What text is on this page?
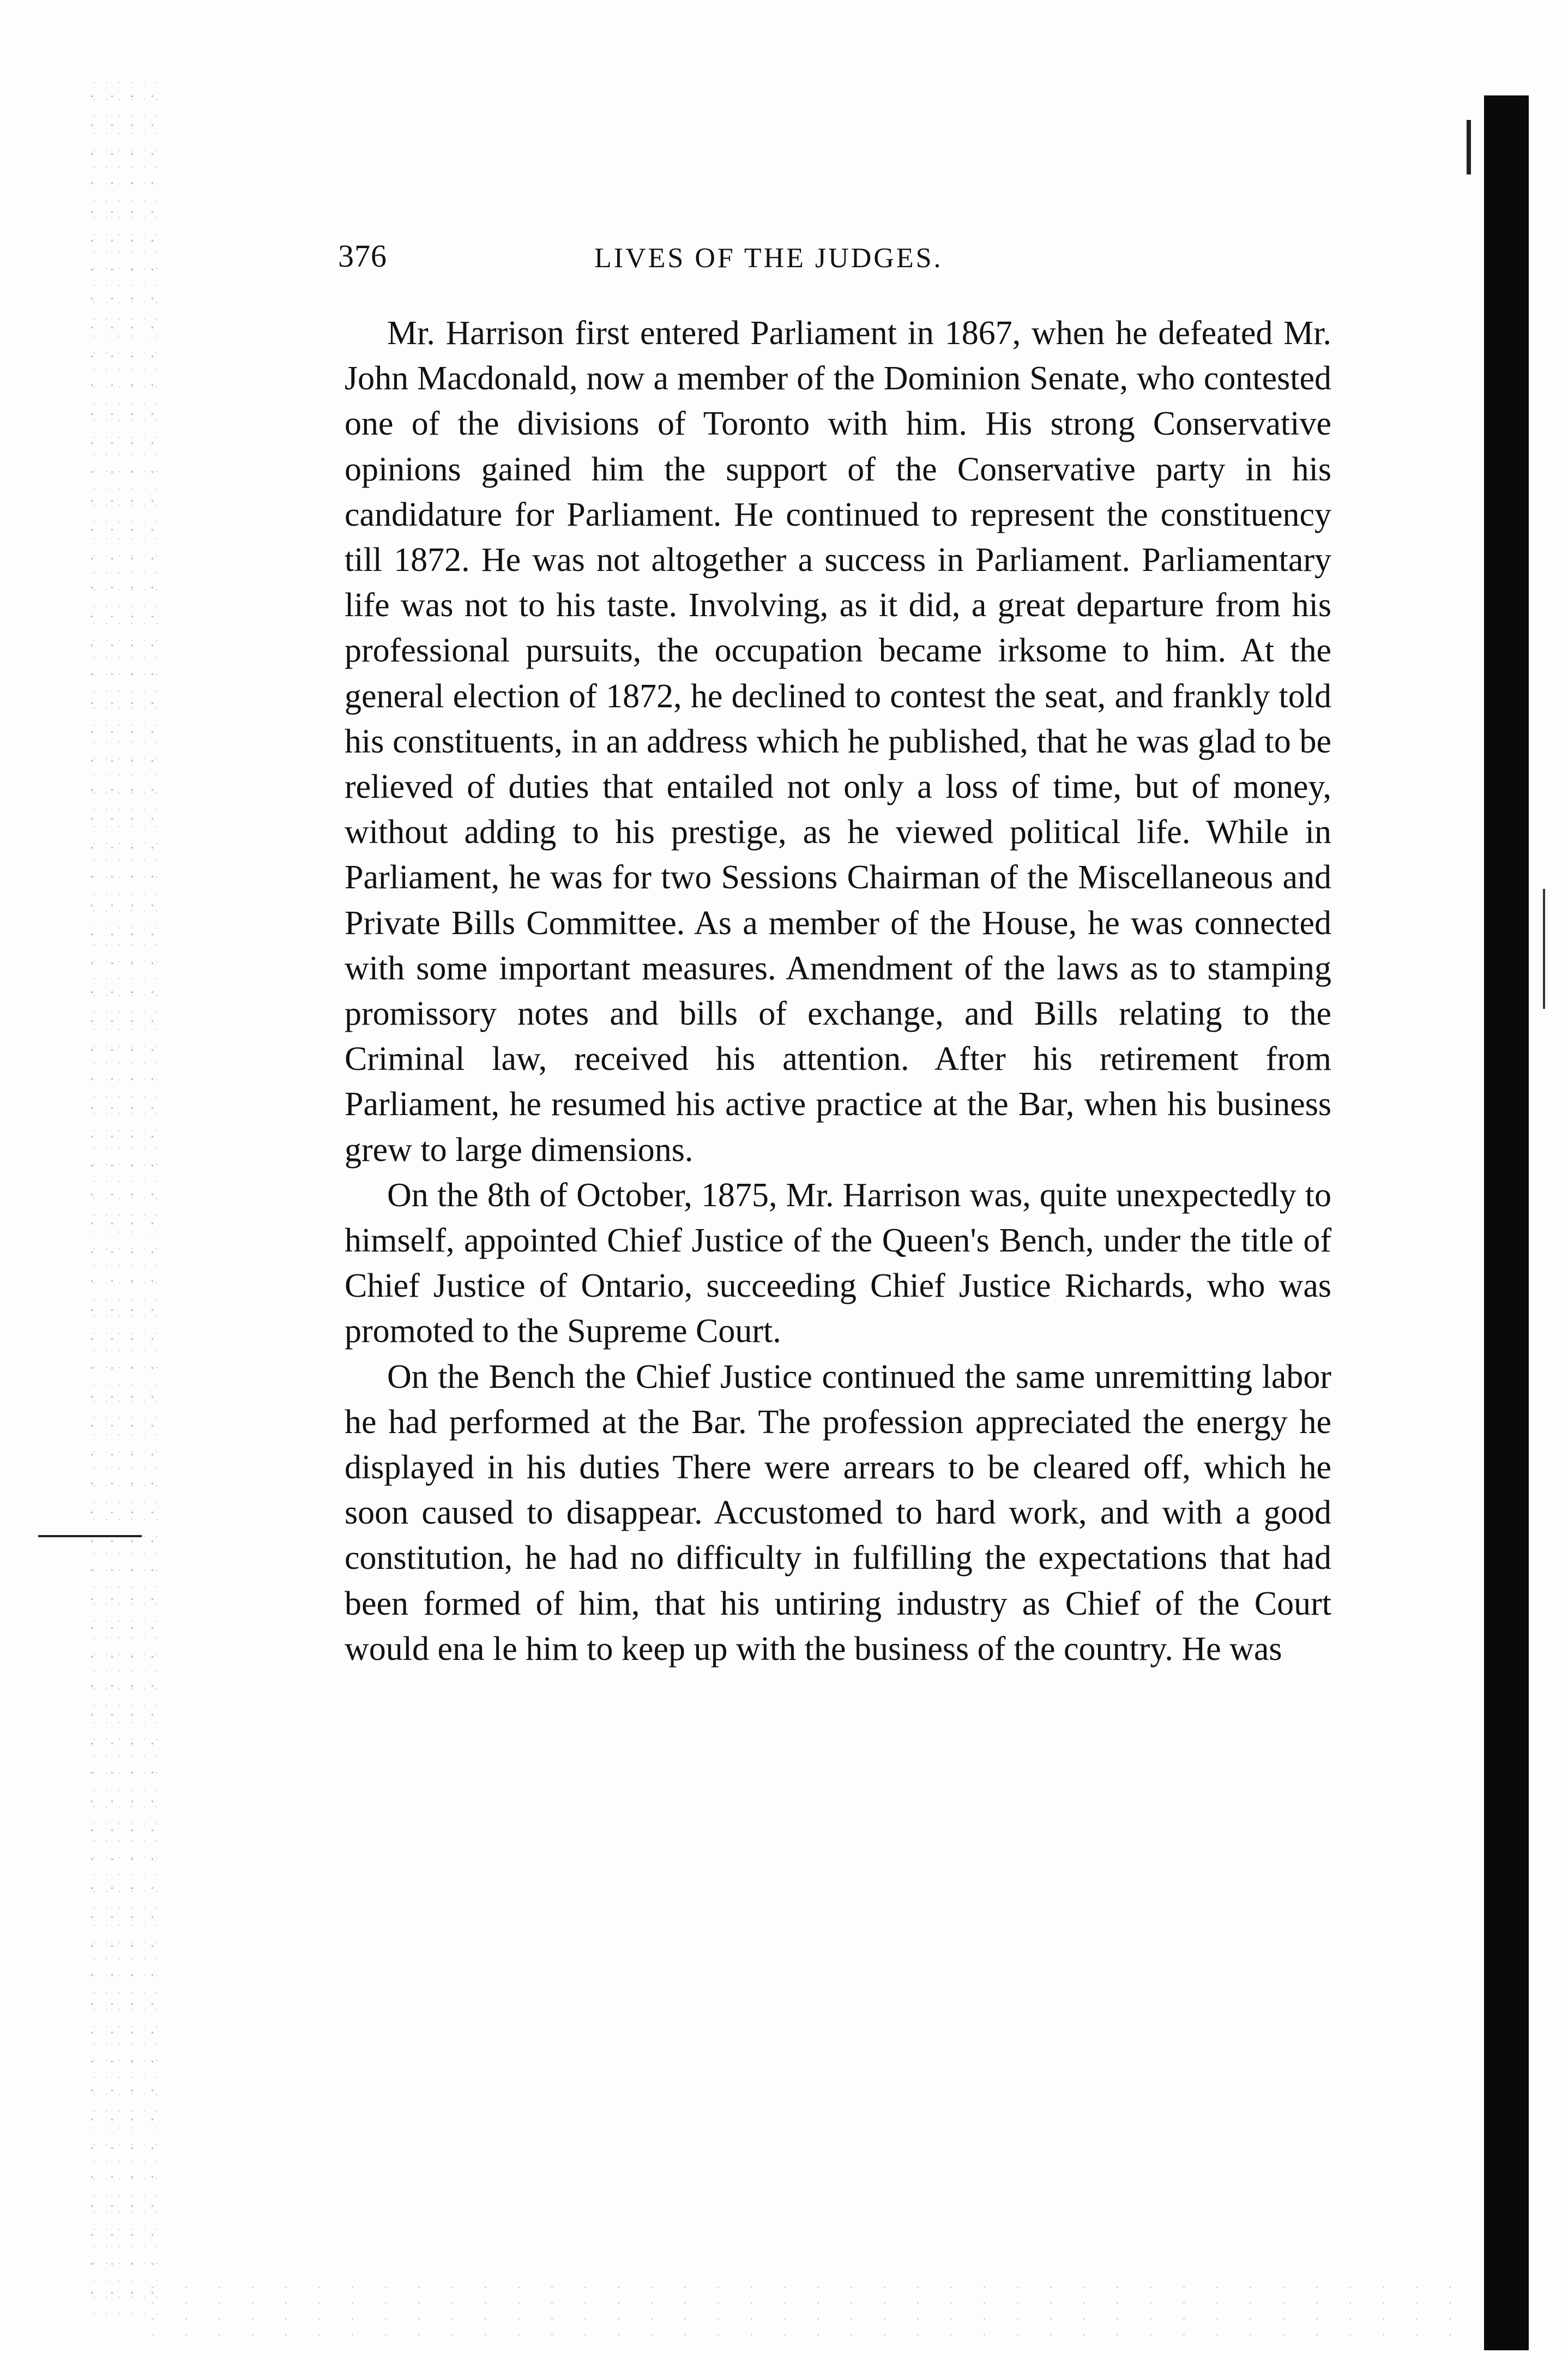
376	LIVES OF THE JUDGES.

Mr. Harrison first entered Parliament in 1867, when he defeated Mr. John Macdonald, now a member of the Dominion Senate, who contested one of the divisions of Toronto with him. His strong Conservative opinions gained him the support of the Conservative party in his candidature for Parliament. He continued to represent the constituency till 1872. He was not altogether a success in Parliament. Parliamentary life was not to his taste. Involving, as it did, a great departure from his professional pursuits, the occupation became irksome to him. At the general election of 1872, he declined to contest the seat, and frankly told his constituents, in an address which he published, that he was glad to be relieved of duties that entailed not only a loss of time, but of money, without adding to his prestige, as he viewed political life. While in Parliament, he was for two Sessions Chairman of the Miscellaneous and Private Bills Committee. As a member of the House, he was connected with some important measures. Amendment of the laws as to stamping promissory notes and bills of exchange, and Bills relating to the Criminal law, received his attention. After his retirement from Parliament, he resumed his active practice at the Bar, when his business grew to large dimensions.

On the 8th of October, 1875, Mr. Harrison was, quite unexpectedly to himself, appointed Chief Justice of the Queen's Bench, under the title of Chief Justice of Ontario, succeeding Chief Justice Richards, who was promoted to the Supreme Court.

On the Bench the Chief Justice continued the same unremitting labor he had performed at the Bar. The profession appreciated the energy he displayed in his duties There were arrears to be cleared off, which he soon caused to disappear. Accustomed to hard work, and with a good constitution, he had no difficulty in fulfilling the expectations that had been formed of him, that his untiring industry as Chief of the Court would ena le him to keep up with the business of the country. He was
